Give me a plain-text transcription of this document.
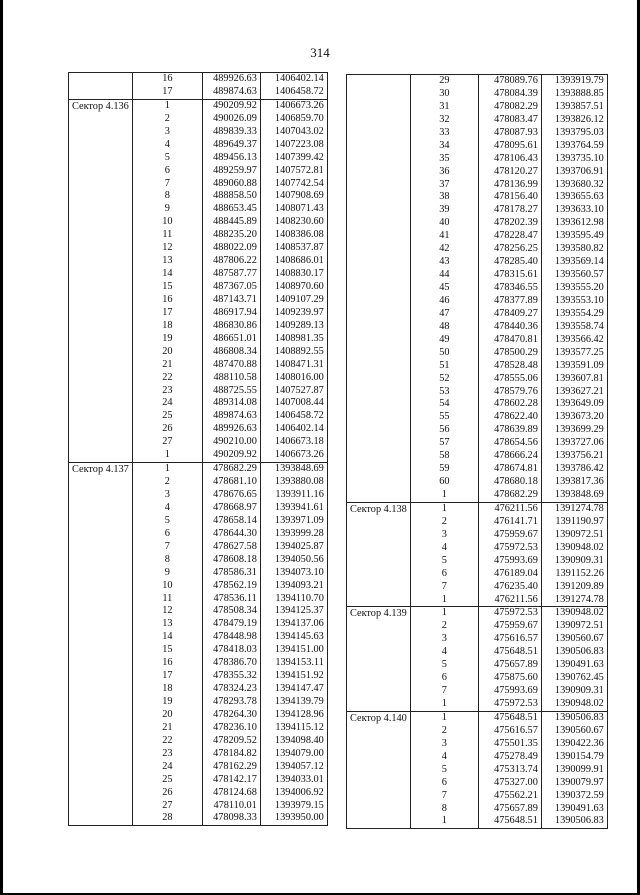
314
	16	489926.63	1406402.14
	17	489874.63	1406458.72
Сектор 4.136	1	490209.92	1406673.26
	2	490026.09	1406859.70
	3	489839.33	1407043.02
	4	489649.37	1407223.08
	5	489456.13	1407399.42
	6	489259.97	1407572.81
	7	489060.88	1407742.54
	8	488858.50	1407908.69
	9	488653.45	1408071.43
	10	488445.89	1408230.60
	11	488235.20	1408386.08
	12	488022.09	1408537.87
	13	487806.22	1408686.01
	14	487587.77	1408830.17
	15	487367.05	1408970.60
	16	487143.71	1409107.29
	17	486917.94	1409239.97
	18	486830.86	1409289.13
	19	486651.01	1408981.35
	20	486808.34	1408892.55
	21	487470.88	1408471.31
	22	488110.58	1408016.00
	23	488725.55	1407527.87
	24	489314.08	1407008.44
	25	489874.63	1406458.72
	26	489926.63	1406402.14
	27	490210.00	1406673.18
	1	490209.92	1406673.26
Сектор 4.137	1	478682.29	1393848.69
	2	478681.10	1393880.08
	3	478676.65	1393911.16
	4	478668.97	1393941.61
	5	478658.14	1393971.09
	6	478644.30	1393999.28
	7	478627.58	1394025.87
	8	478608.18	1394050.56
	9	478586.31	1394073.10
	10	478562.19	1394093.21
	11	478536.11	1394110.70
	12	478508.34	1394125.37
	13	478479.19	1394137.06
	14	478448.98	1394145.63
	15	478418.03	1394151.00
	16	478386.70	1394153.11
	17	478355.32	1394151.92
	18	478324.23	1394147.47
	19	478293.78	1394139.79
	20	478264.30	1394128.96
	21	478236.10	1394115.12
	22	478209.52	1394098.40
	23	478184.82	1394079.00
	24	478162.29	1394057.12
	25	478142.17	1394033.01
	26	478124.68	1394006.92
	27	478110.01	1393979.15
	28	478098.33	1393950.00
	29	478089.76	1393919.79
	30	478084.39	1393888.85
	31	478082.29	1393857.51
	32	478083.47	1393826.12
	33	478087.93	1393795.03
	34	478095.61	1393764.59
	35	478106.43	1393735.10
	36	478120.27	1393706.91
	37	478136.99	1393680.32
	38	478156.40	1393655.63
	39	478178.27	1393633.10
	40	478202.39	1393612.98
	41	478228.47	1393595.49
	42	478256.25	1393580.82
	43	478285.40	1393569.14
	44	478315.61	1393560.57
	45	478346.55	1393555.20
	46	478377.89	1393553.10
	47	478409.27	1393554.29
	48	478440.36	1393558.74
	49	478470.81	1393566.42
	50	478500.29	1393577.25
	51	478528.48	1393591.09
	52	478555.06	1393607.81
	53	478579.76	1393627.21
	54	478602.28	1393649.09
	55	478622.40	1393673.20
	56	478639.89	1393699.29
	57	478654.56	1393727.06
	58	478666.24	1393756.21
	59	478674.81	1393786.42
	60	478680.18	1393817.36
	1	478682.29	1393848.69
Сектор 4.138	1	476211.56	1391274.78
	2	476141.71	1391190.97
	3	475959.67	1390972.51
	4	475972.53	1390948.02
	5	475993.69	1390909.31
	6	476189.04	1391152.26
	7	476235.40	1391209.89
	1	476211.56	1391274.78
Сектор 4.139	1	475972.53	1390948.02
	2	475959.67	1390972.51
	3	475616.57	1390560.67
	4	475648.51	1390506.83
	5	475657.89	1390491.63
	6	475875.60	1390762.45
	7	475993.69	1390909.31
	1	475972.53	1390948.02
Сектор 4.140	1	475648.51	1390506.83
	2	475616.57	1390560.67
	3	475501.35	1390422.36
	4	475278.49	1390154.79
	5	475313.74	1390099.91
	6	475327.00	1390079.97
	7	475562.21	1390372.59
	8	475657.89	1390491.63
	1	475648.51	1390506.83
